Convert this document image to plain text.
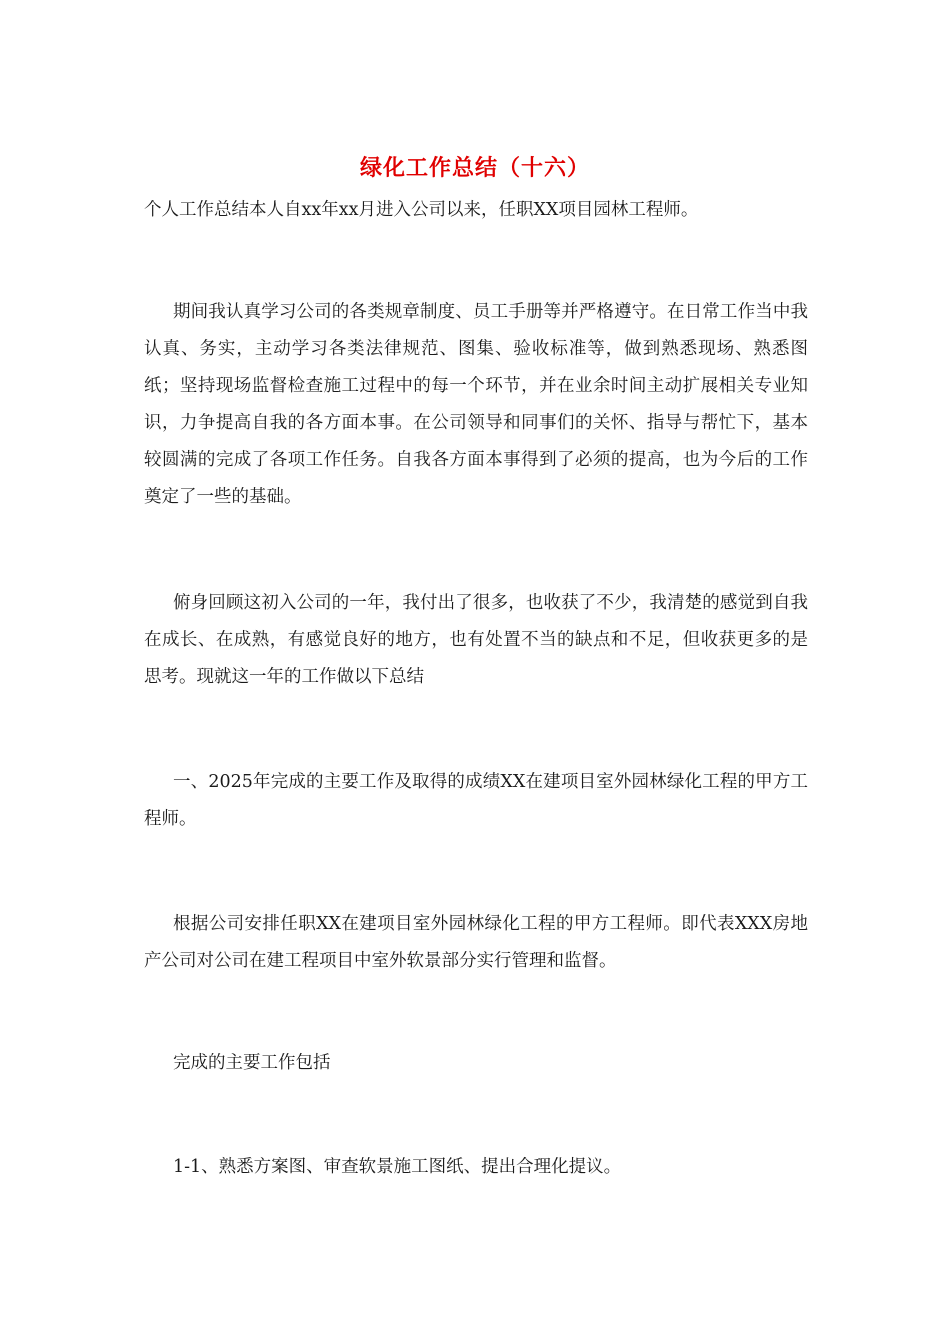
绿化工作总结（十六）

个人工作总结本人自xx年xx月进入公司以来，任职XX项目园林工程师。

期间我认真学习公司的各类规章制度、员工手册等并严格遵守。在日常工作当中我认真、务实，主动学习各类法律规范、图集、验收标准等，做到熟悉现场、熟悉图纸；坚持现场监督检查施工过程中的每一个环节，并在业余时间主动扩展相关专业知识，力争提高自我的各方面本事。在公司领导和同事们的关怀、指导与帮忙下，基本较圆满的完成了各项工作任务。自我各方面本事得到了必须的提高，也为今后的工作奠定了一些的基础。

俯身回顾这初入公司的一年，我付出了很多，也收获了不少，我清楚的感觉到自我在成长、在成熟，有感觉良好的地方，也有处置不当的缺点和不足，但收获更多的是思考。现就这一年的工作做以下总结

一、2025年完成的主要工作及取得的成绩XX在建项目室外园林绿化工程的甲方工程师。

根据公司安排任职XX在建项目室外园林绿化工程的甲方工程师。即代表XXX房地产公司对公司在建工程项目中室外软景部分实行管理和监督。

完成的主要工作包括

1-1、熟悉方案图、审查软景施工图纸、提出合理化提议。
